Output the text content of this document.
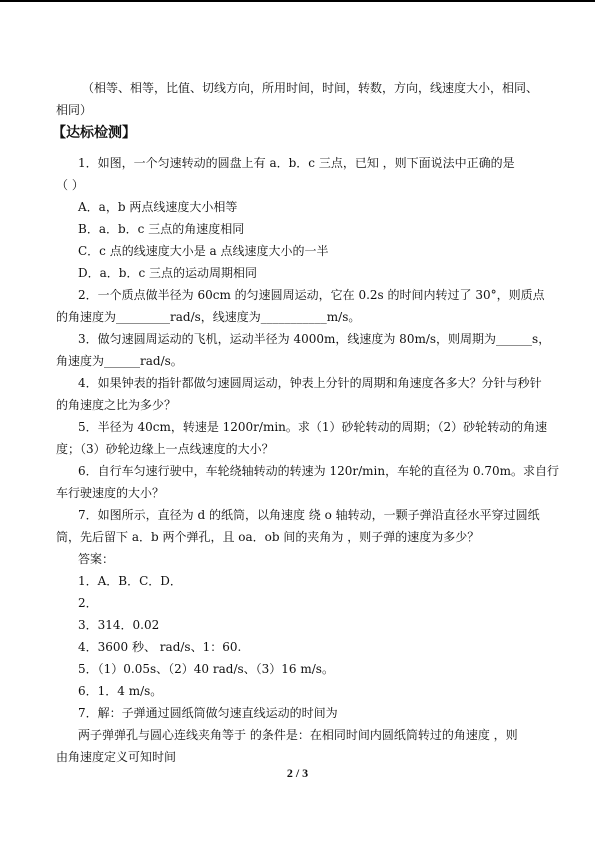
（相等、相等，比值、切线方向，所用时间，时间，转数，方向，线速度大小，相同、
相同）
【达标检测】
1．如图，一个匀速转动的圆盘上有 a．b．c 三点，已知 ，则下面说法中正确的是
（ ）
A．a，b 两点线速度大小相等
B．a．b．c 三点的角速度相同
C．c 点的线速度大小是 a 点线速度大小的一半
D．a．b．c 三点的运动周期相同
2．一个质点做半径为 60cm 的匀速圆周运动，它在 0.2s 的时间内转过了 30°，则质点
的角速度为_________rad/s，线速度为___________m/s。
3．做匀速圆周运动的飞机，运动半径为 4000m，线速度为 80m/s，则周期为______s，
角速度为______rad/s。
4．如果钟表的指针都做匀速圆周运动，钟表上分针的周期和角速度各多大？分针与秒针
的角速度之比为多少？
5．半径为 40cm，转速是 1200r/min。求（1）砂轮转动的周期；（2）砂轮转动的角速
度；（3）砂轮边缘上一点线速度的大小？
6．自行车匀速行驶中，车轮绕轴转动的转速为 120r/min，车轮的直径为 0.70m。求自行
车行驶速度的大小？
7．如图所示，直径为 d 的纸筒，以角速度 绕 o 轴转动，一颗子弹沿直径水平穿过圆纸
筒，先后留下 a．b 两个弹孔，且 oa．ob 间的夹角为 ，则子弹的速度为多少？
答案：
1．A．B．C．D．
2．
3．314．0.02
4．3600 秒、 rad/s、1：60.
5．（1）0.05s、（2）40 rad/s、（3）16 m/s。
6．1．4 m/s。
7．解：子弹通过圆纸筒做匀速直线运动的时间为
两子弹弹孔与圆心连线夹角等于 的条件是：在相同时间内圆纸筒转过的角速度 ，则
由角速度定义可知时间
2 / 3
